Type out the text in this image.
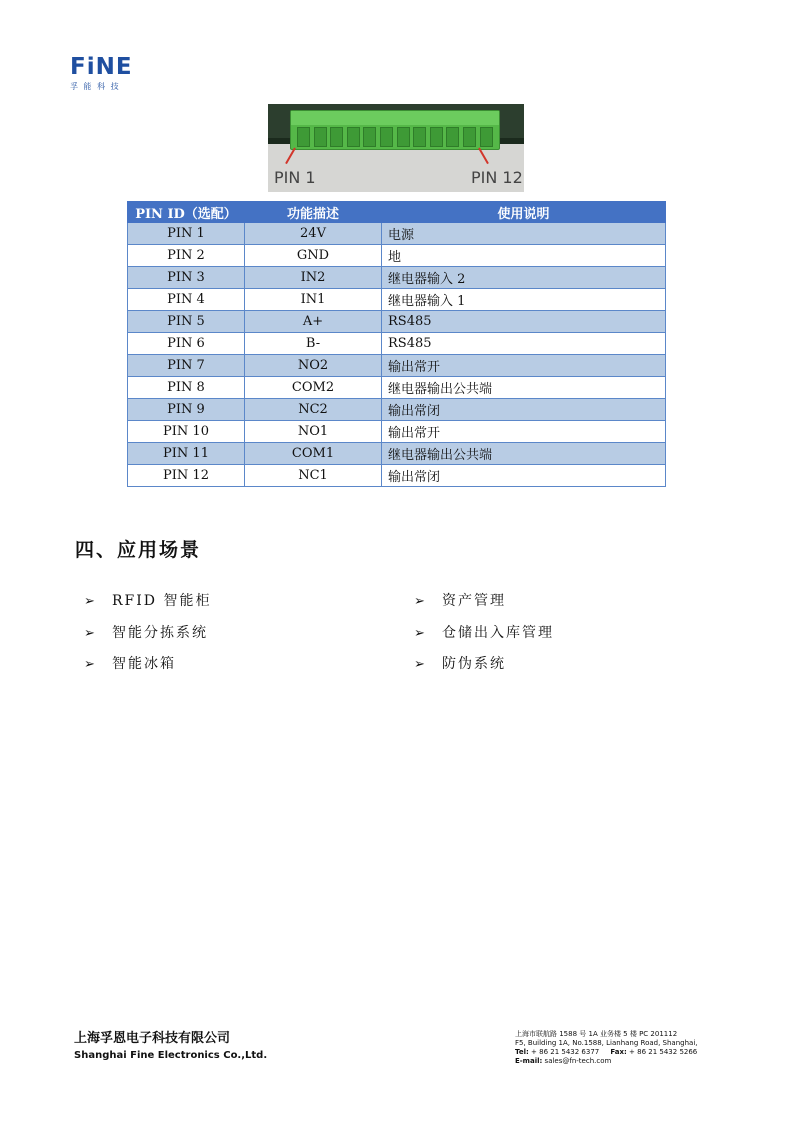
FiNE
孚 能 科 技
PIN 1	PIN 12
PIN ID（选配）	功能描述	使用说明
PIN 1	24V	电源
PIN 2	GND	地
PIN 3	IN2	继电器输入 2
PIN 4	IN1	继电器输入 1
PIN 5	A+	RS485
PIN 6	B-	RS485
PIN 7	NO2	输出常开
PIN 8	COM2	继电器输出公共端
PIN 9	NC2	输出常闭
PIN 10	NO1	输出常开
PIN 11	COM1	继电器输出公共端
PIN 12	NC1	输出常闭
四、应用场景
➢ RFID 智能柜
➢ 智能分拣系统
➢ 智能冰箱
➢ 资产管理
➢ 仓储出入库管理
➢ 防伪系统
上海孚恩电子科技有限公司
Shanghai Fine Electronics Co.,Ltd.
上海市联航路 1588 号 1A 业务楼 5 楼 PC 201112
F5, Building 1A, No.1588, Lianhang Road, Shanghai,
Tel: + 86 21 5432 6377 Fax: + 86 21 5432 5266
E-mail: sales@fn-tech.com
